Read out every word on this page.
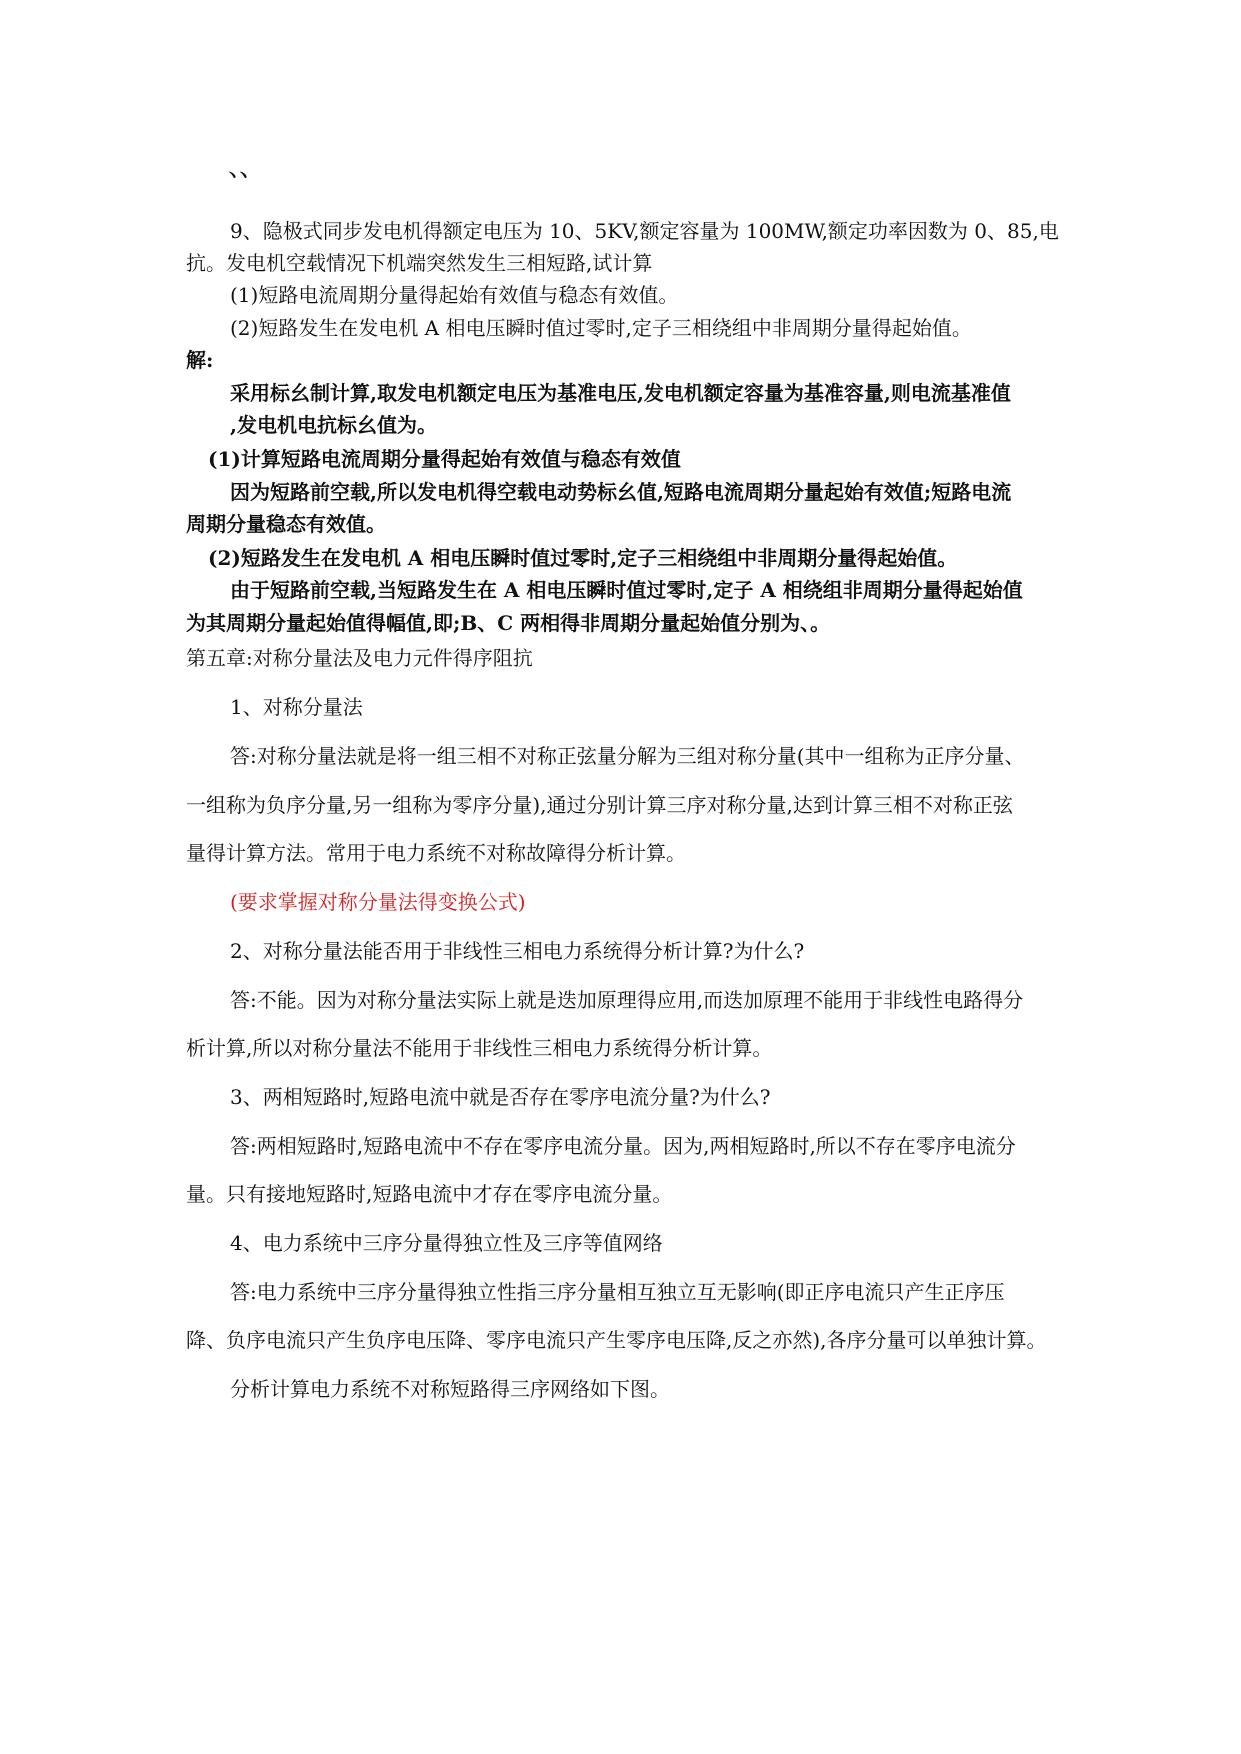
、、
9、隐极式同步发电机得额定电压为 10、5KV,额定容量为 100MW,额定功率因数为 0、85,电
抗。发电机空载情况下机端突然发生三相短路,试计算
(1)短路电流周期分量得起始有效值与稳态有效值。
(2)短路发生在发电机 A 相电压瞬时值过零时,定子三相绕组中非周期分量得起始值。
解:
采用标幺制计算,取发电机额定电压为基准电压,发电机额定容量为基准容量,则电流基准值
,发电机电抗标幺值为。
(1)计算短路电流周期分量得起始有效值与稳态有效值
因为短路前空载,所以发电机得空载电动势标幺值,短路电流周期分量起始有效值;短路电流
周期分量稳态有效值。
(2)短路发生在发电机 A 相电压瞬时值过零时,定子三相绕组中非周期分量得起始值。
由于短路前空载,当短路发生在 A 相电压瞬时值过零时,定子 A 相绕组非周期分量得起始值
为其周期分量起始值得幅值,即;B、C 两相得非周期分量起始值分别为、。
第五章:对称分量法及电力元件得序阻抗
1、对称分量法
答:对称分量法就是将一组三相不对称正弦量分解为三组对称分量(其中一组称为正序分量、
一组称为负序分量,另一组称为零序分量),通过分别计算三序对称分量,达到计算三相不对称正弦
量得计算方法。常用于电力系统不对称故障得分析计算。
(要求掌握对称分量法得变换公式)
2、对称分量法能否用于非线性三相电力系统得分析计算?为什么?
答:不能。因为对称分量法实际上就是迭加原理得应用,而迭加原理不能用于非线性电路得分
析计算,所以对称分量法不能用于非线性三相电力系统得分析计算。
3、两相短路时,短路电流中就是否存在零序电流分量?为什么?
答:两相短路时,短路电流中不存在零序电流分量。因为,两相短路时,所以不存在零序电流分
量。只有接地短路时,短路电流中才存在零序电流分量。
4、电力系统中三序分量得独立性及三序等值网络
答:电力系统中三序分量得独立性指三序分量相互独立互无影响(即正序电流只产生正序压
降、负序电流只产生负序电压降、零序电流只产生零序电压降,反之亦然),各序分量可以单独计算。
分析计算电力系统不对称短路得三序网络如下图。
